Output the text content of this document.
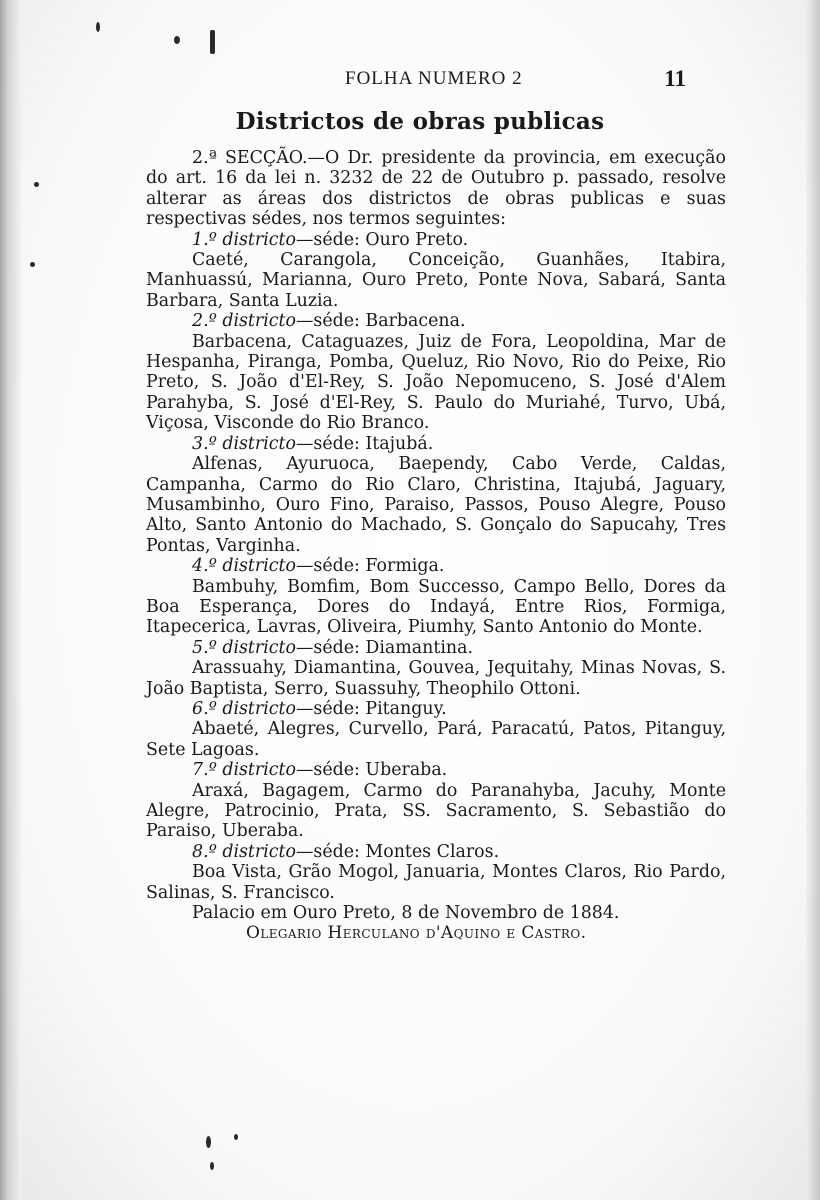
FOLHA NUMERO 2	11
Districtos de obras publicas

2.ª SECÇÃO.—O Dr. presidente da provincia, em execução do art. 16 da lei n. 3232 de 22 de Outubro p. passado, resolve alterar as áreas dos districtos de obras publicas e suas respectivas sédes, nos termos seguintes:

1.º districto—séde: Ouro Preto.

Caeté, Carangola, Conceição, Guanhães, Itabira, Manhuassú, Marianna, Ouro Preto, Ponte Nova, Sabará, Santa Barbara, Santa Luzia.

2.º districto—séde: Barbacena.

Barbacena, Cataguazes, Juiz de Fora, Leopoldina, Mar de Hespanha, Piranga, Pomba, Queluz, Rio Novo, Rio do Peixe, Rio Preto, S. João d'El-Rey, S. João Nepomuceno, S. José d'Alem Parahyba, S. José d'El-Rey, S. Paulo do Muriahé, Turvo, Ubá, Viçosa, Visconde do Rio Branco.

3.º districto—séde: Itajubá.

Alfenas, Ayuruoca, Baependy, Cabo Verde, Caldas, Campanha, Carmo do Rio Claro, Christina, Itajubá, Jaguary, Musambinho, Ouro Fino, Paraiso, Passos, Pouso Alegre, Pouso Alto, Santo Antonio do Machado, S. Gonçalo do Sapucahy, Tres Pontas, Varginha.

4.º districto—séde: Formiga.

Bambuhy, Bomfim, Bom Successo, Campo Bello, Dores da Boa Esperança, Dores do Indayá, Entre Rios, Formiga, Itapecerica, Lavras, Oliveira, Piumhy, Santo Antonio do Monte.

5.º districto—séde: Diamantina.

Arassuahy, Diamantina, Gouvea, Jequitahy, Minas Novas, S. João Baptista, Serro, Suassuhy, Theophilo Ottoni.

6.º districto—séde: Pitanguy.

Abaeté, Alegres, Curvello, Pará, Paracatú, Patos, Pitanguy, Sete Lagoas.

7.º districto—séde: Uberaba.

Araxá, Bagagem, Carmo do Paranahyba, Jacuhy, Monte Alegre, Patrocinio, Prata, SS. Sacramento, S. Sebastião do Paraiso, Uberaba.

8.º districto—séde: Montes Claros.

Boa Vista, Grão Mogol, Januaria, Montes Claros, Rio Pardo, Salinas, S. Francisco.

Palacio em Ouro Preto, 8 de Novembro de 1884.

Olegario Herculano d'Aquino e Castro.
